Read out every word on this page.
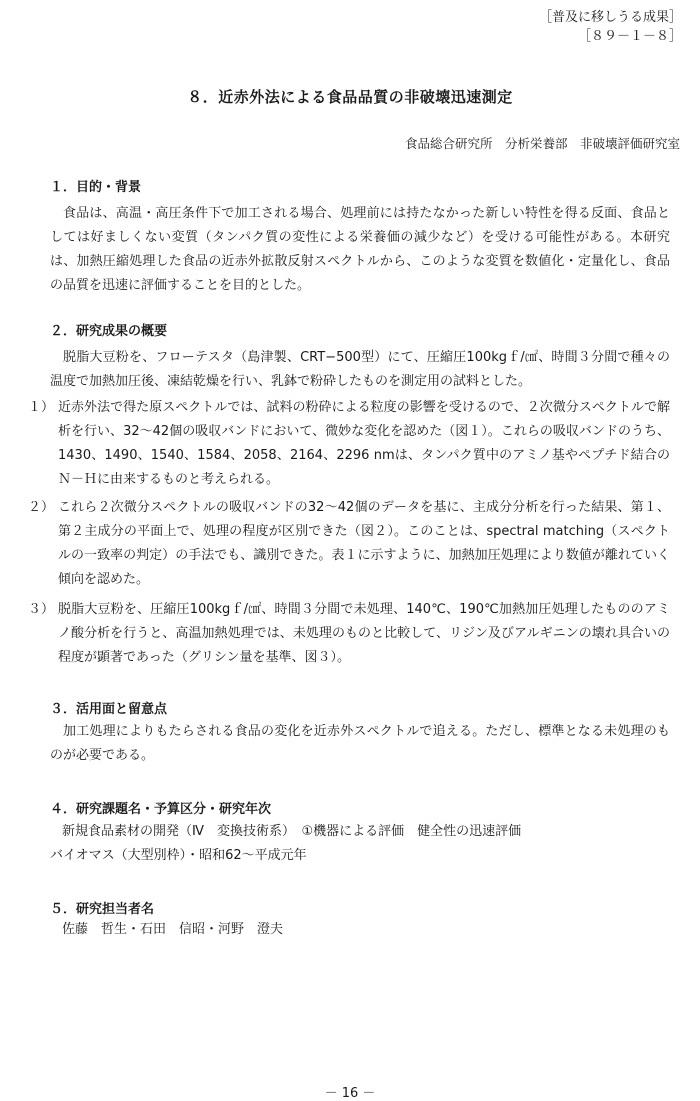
［普及に移しうる成果］
［８９－１－８］
８．近赤外法による食品品質の非破壊迅速測定
食品総合研究所　分析栄養部　非破壊評価研究室
１．目的・背景
食品は、高温・高圧条件下で加工される場合、処理前には持たなかった新しい特性を得る反面、食品としては好ましくない変質（タンパク質の変性による栄養価の減少など）を受ける可能性がある。本研究は、加熱圧縮処理した食品の近赤外拡散反射スペクトルから、このような変質を数値化・定量化し、食品の品質を迅速に評価することを目的とした。
２．研究成果の概要
脱脂大豆粉を、フローテスタ（島津製、CRT−500型）にて、圧縮圧100kgｆ/㎠、時間３分間で種々の温度で加熱加圧後、凍結乾燥を行い、乳鉢で粉砕したものを測定用の試料とした。
１） 近赤外法で得た原スペクトルでは、試料の粉砕による粒度の影響を受けるので、２次微分スペクトルで解析を行い、32〜42個の吸収バンドにおいて、微妙な変化を認めた（図１）。これらの吸収バンドのうち、1430、1490、1540、1584、2058、2164、2296 nmは、タンパク質中のアミノ基やペプチド結合のＮ－Ｈに由来するものと考えられる。
２） これら２次微分スペクトルの吸収バンドの32〜42個のデータを基に、主成分分析を行った結果、第１、第２主成分の平面上で、処理の程度が区別できた（図２）。このことは、spectral matching（スペクトルの一致率の判定）の手法でも、識別できた。表１に示すように、加熱加圧処理により数値が離れていく傾向を認めた。
３） 脱脂大豆粉を、圧縮圧100kgｆ/㎠、時間３分間で未処理、140℃、190℃加熱加圧処理したもののアミノ酸分析を行うと、高温加熱処理では、未処理のものと比較して、リジン及びアルギニンの壊れ具合いの程度が顕著であった（グリシン量を基準、図３）。
３．活用面と留意点
加工処理によりもたらされる食品の変化を近赤外スペクトルで追える。ただし、標準となる未処理のものが必要である。
４．研究課題名・予算区分・研究年次
新規食品素材の開発（Ⅳ　変換技術系）　①機器による評価　健全性の迅速評価
バイオマス（大型別枠）・昭和62〜平成元年
５．研究担当者名
佐藤　哲生・石田　信昭・河野　澄夫
－ 16 －
